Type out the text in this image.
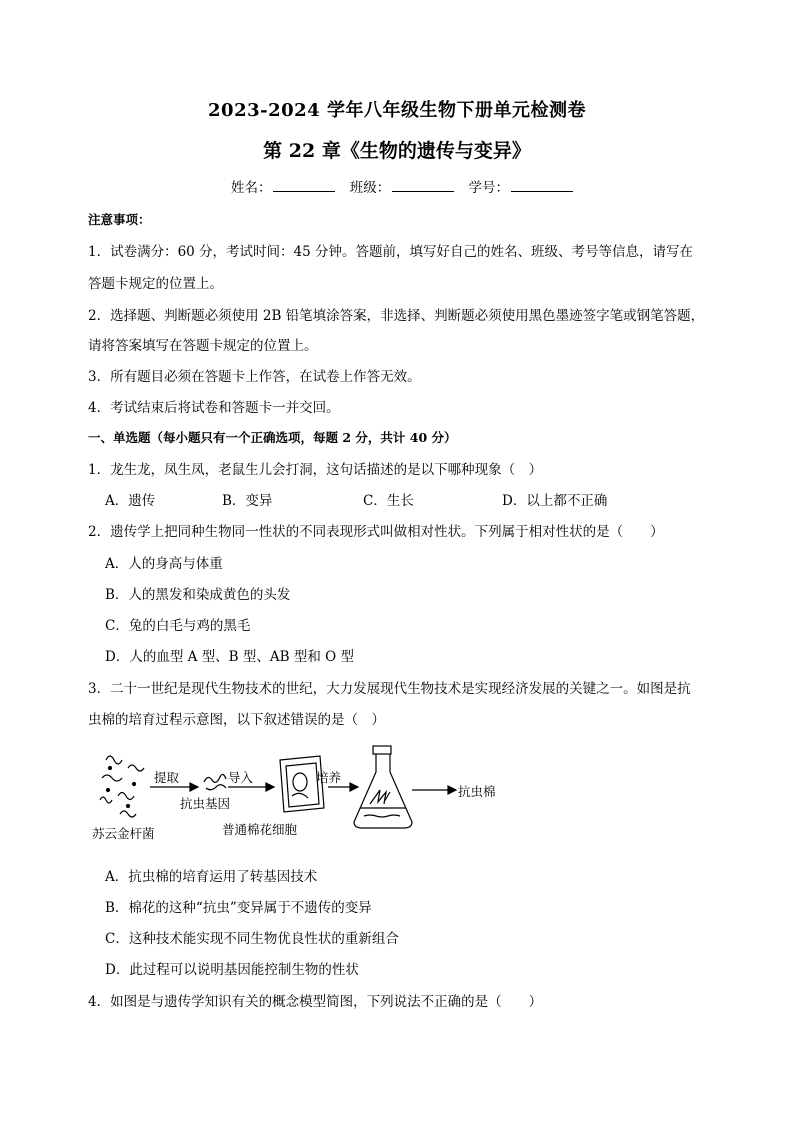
2023-2024 学年八年级生物下册单元检测卷
第 22 章《生物的遗传与变异》
姓名：	班级：	学号：
注意事项：
1．试卷满分：60 分，考试时间：45 分钟。答题前，填写好自己的姓名、班级、考号等信息，请写在
答题卡规定的位置上。
2．选择题、判断题必须使用 2B 铅笔填涂答案，非选择、判断题必须使用黑色墨迹签字笔或钢笔答题，
请将答案填写在答题卡规定的位置上。
3．所有题目必须在答题卡上作答，在试卷上作答无效。
4．考试结束后将试卷和答题卡一并交回。
一、单选题（每小题只有一个正确选项，每题 2 分，共计 40 分）
1．龙生龙，凤生凤，老鼠生儿会打洞，这句话描述的是以下哪种现象（　）
A．遗传	B．变异	C．生长	D．以上都不正确
2．遗传学上把同种生物同一性状的不同表现形式叫做相对性状。下列属于相对性状的是（　　）
A．人的身高与体重
B．人的黑发和染成黄色的头发
C．兔的白毛与鸡的黑毛
D．人的血型 A 型、B 型、AB 型和 O 型
3．二十一世纪是现代生物技术的世纪，大力发展现代生物技术是实现经济发展的关键之一。如图是抗
虫棉的培育过程示意图，以下叙述错误的是（　）
提取
抗虫基因
导入	培养
抗虫棉
苏云金杆菌	普通棉花细胞
A．抗虫棉的培育运用了转基因技术
B．棉花的这种“抗虫”变异属于不遗传的变异
C．这种技术能实现不同生物优良性状的重新组合
D．此过程可以说明基因能控制生物的性状
4．如图是与遗传学知识有关的概念模型简图，下列说法不正确的是（　　）
